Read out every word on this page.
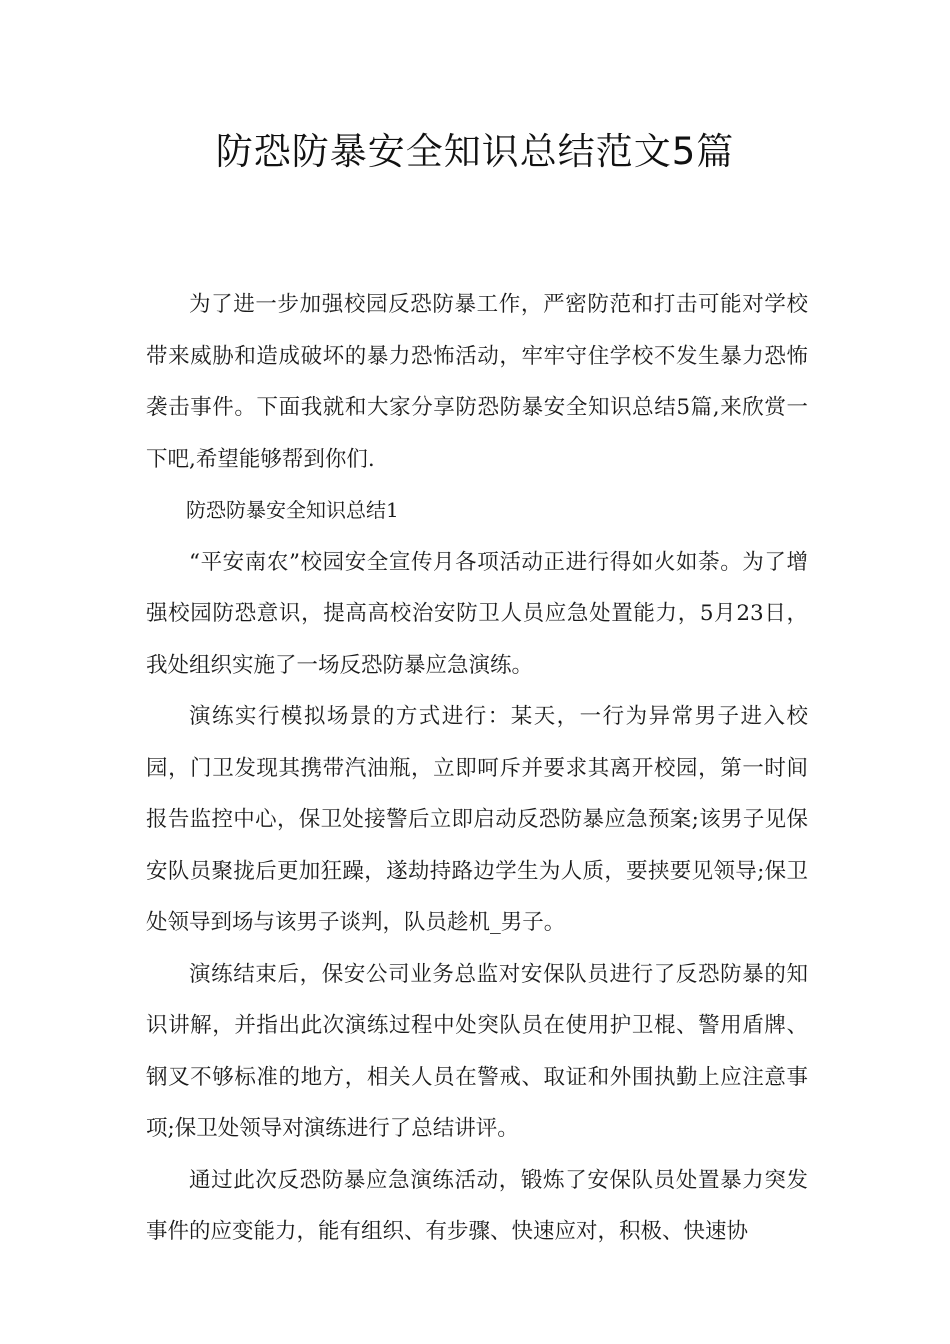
防恐防暴安全知识总结范文5篇

为了进一步加强校园反恐防暴工作，严密防范和打击可能对学校带来威胁和造成破坏的暴力恐怖活动，牢牢守住学校不发生暴力恐怖袭击事件。下面我就和大家分享防恐防暴安全知识总结5篇,来欣赏一下吧,希望能够帮到你们.

防恐防暴安全知识总结1

“平安南农”校园安全宣传月各项活动正进行得如火如荼。为了增强校园防恐意识，提高高校治安防卫人员应急处置能力，5月23日，我处组织实施了一场反恐防暴应急演练。

演练实行模拟场景的方式进行：某天，一行为异常男子进入校园，门卫发现其携带汽油瓶，立即呵斥并要求其离开校园，第一时间报告监控中心，保卫处接警后立即启动反恐防暴应急预案;该男子见保安队员聚拢后更加狂躁，遂劫持路边学生为人质，要挟要见领导;保卫处领导到场与该男子谈判，队员趁机_男子。

演练结束后，保安公司业务总监对安保队员进行了反恐防暴的知识讲解，并指出此次演练过程中处突队员在使用护卫棍、警用盾牌、钢叉不够标准的地方，相关人员在警戒、取证和外围执勤上应注意事项;保卫处领导对演练进行了总结讲评。

通过此次反恐防暴应急演练活动，锻炼了安保队员处置暴力突发事件的应变能力，能有组织、有步骤、快速应对，积极、快速协
